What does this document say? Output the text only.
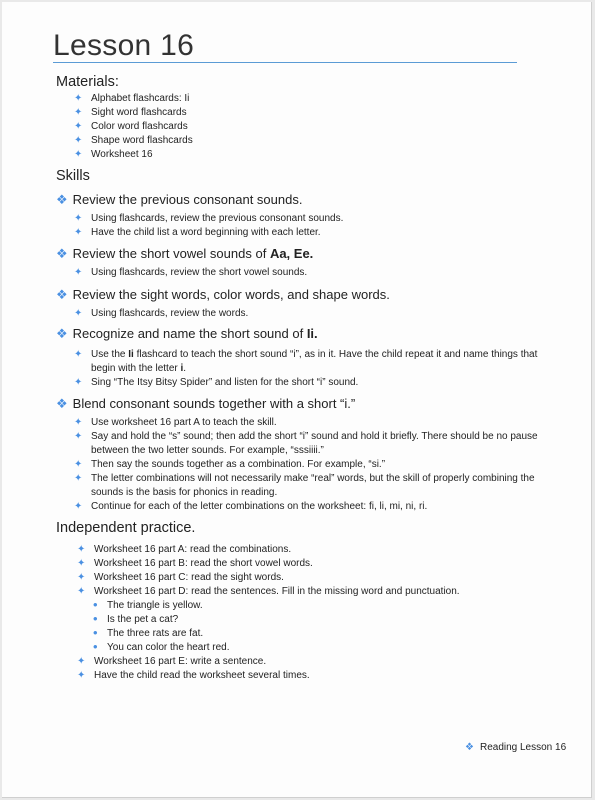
Lesson 16
Materials:
✦ Alphabet flashcards: Ii
✦ Sight word flashcards
✦ Color word flashcards
✦ Shape word flashcards
✦ Worksheet 16
Skills
❖ Review the previous consonant sounds.
✦ Using flashcards, review the previous consonant sounds.
✦ Have the child list a word beginning with each letter.
❖ Review the short vowel sounds of Aa, Ee.
✦ Using flashcards, review the short vowel sounds.
❖ Review the sight words, color words, and shape words.
✦ Using flashcards, review the words.
❖ Recognize and name the short sound of Ii.
✦ Use the Ii flashcard to teach the short sound “i”, as in it. Have the child repeat it and name things that
begin with the letter i.
✦ Sing “The Itsy Bitsy Spider” and listen for the short “i” sound.
❖ Blend consonant sounds together with a short “i.”
✦ Use worksheet 16 part A to teach the skill.
✦ Say and hold the “s” sound; then add the short “i” sound and hold it briefly. There should be no pause
between the two letter sounds. For example, “sssiiii.”
✦ Then say the sounds together as a combination. For example, “si.”
✦ The letter combinations will not necessarily make “real” words, but the skill of properly combining the
sounds is the basis for phonics in reading.
✦ Continue for each of the letter combinations on the worksheet: fi, li, mi, ni, ri.
Independent practice.
✦ Worksheet 16 part A: read the combinations.
✦ Worksheet 16 part B: read the short vowel words.
✦ Worksheet 16 part C: read the sight words.
✦ Worksheet 16 part D: read the sentences. Fill in the missing word and punctuation.
• The triangle is yellow.
• Is the pet a cat?
• The three rats are fat.
• You can color the heart red.
✦ Worksheet 16 part E: write a sentence.
✦ Have the child read the worksheet several times.
❖ Reading Lesson 16
